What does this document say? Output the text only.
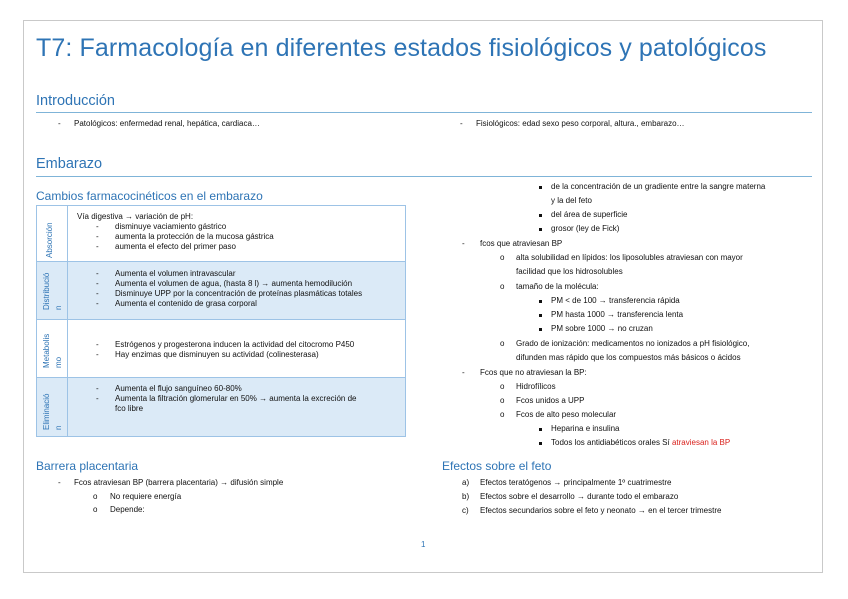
T7: Farmacología en diferentes estados fisiológicos y patológicos
Introducción
- Patológicos: enfermedad renal, hepática, cardiaca…	- Fisiológicos: edad sexo peso corporal, altura., embarazo…
Embarazo
Cambios farmacocinéticos en el embarazo
Absorción
Vía digestiva → variación de pH:
- disminuye vaciamiento gástrico
- aumenta la protección de la mucosa gástrica
- aumenta el efecto del primer paso
Distribució n
- Aumenta el volumen intravascular
- Aumenta el volumen de agua, (hasta 8 l) → aumenta hemodilución
- Disminuye UPP por la concentración de proteínas plasmáticas totales
- Aumenta el contenido de grasa corporal
Metabolis mo
- Estrógenos y progesterona inducen la actividad del citocromo P450
- Hay enzimas que disminuyen su actividad (colinesterasa)
Eliminació n
- Aumenta el flujo sanguíneo 60-80%
- Aumenta la filtración glomerular en 50% → aumenta la excreción de
fco libre
Barrera placentaria
- Fcos atraviesan BP (barrera placentaria) → difusión simple
o No requiere energía
o Depende:
de la concentración de un gradiente entre la sangre materna
y la del feto
del área de superficie
grosor (ley de Fick)
- fcos que atraviesan BP
o alta solubilidad en lípidos: los liposolubles atraviesan con mayor
facilidad que los hidrosolubles
o tamaño de la molécula:
PM < de 100 → transferencia rápida
PM hasta 1000 → transferencia lenta
PM sobre 1000 → no cruzan
o Grado de ionización: medicamentos no ionizados a pH fisiológico,
difunden mas rápido que los compuestos más básicos o ácidos
- Fcos que no atraviesan la BP:
o Hidrofílicos
o Fcos unidos a UPP
o Fcos de alto peso molecular
Heparina e insulina
Todos los antidiabéticos orales Sí atraviesan la BP
Efectos sobre el feto
a) Efectos teratógenos → principalmente 1º cuatrimestre
b) Efectos sobre el desarrollo → durante todo el embarazo
c) Efectos secundarios sobre el feto y neonato → en el tercer trimestre
1
